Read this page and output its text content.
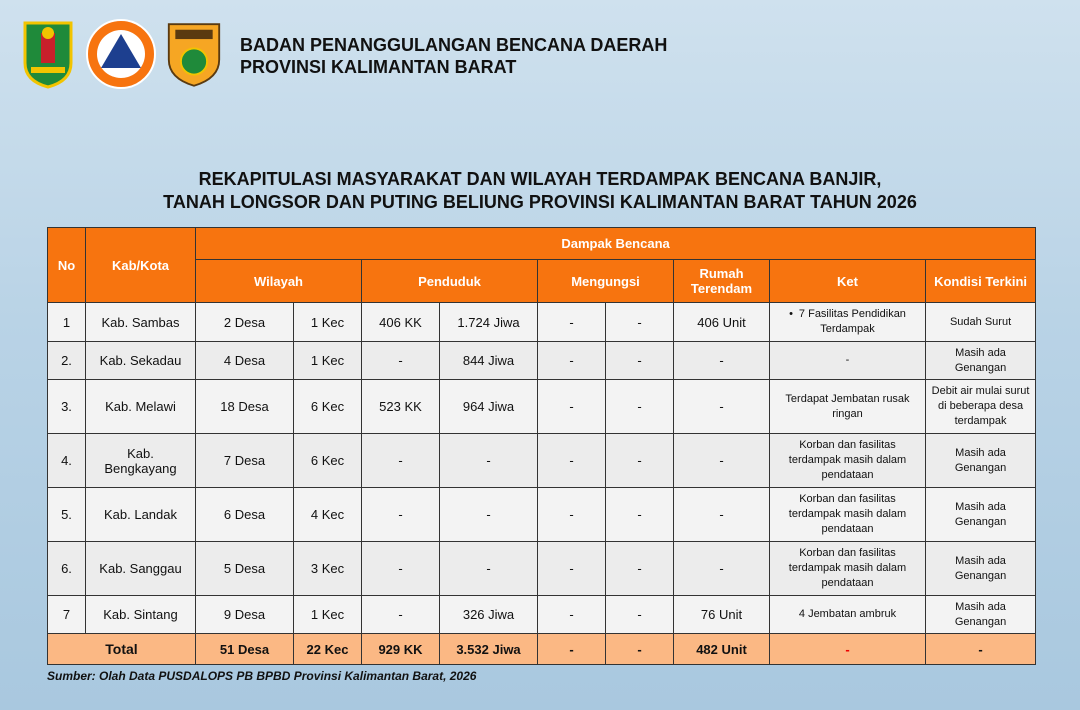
BADAN PENANGGULANGAN BENCANA DAERAH
PROVINSI KALIMANTAN BARAT
REKAPITULASI MASYARAKAT DAN WILAYAH TERDAMPAK BENCANA BANJIR,
TANAH LONGSOR DAN PUTING BELIUNG PROVINSI KALIMANTAN BARAT TAHUN 2026
No	Kab/Kota	Dampak Bencana								
		Wilayah		Penduduk		Mengungsi		Rumah Terendam	Ket	Kondisi Terkini
1	Kab. Sambas	2 Desa	1 Kec	406 KK	1.724 Jiwa	-	-	406 Unit	• 7 Fasilitas Pendidikan Terdampak	Sudah Surut
2.	Kab. Sekadau	4 Desa	1 Kec	-	844 Jiwa	-	-	-	-	Masih ada Genangan
3.	Kab. Melawi	18 Desa	6 Kec	523 KK	964 Jiwa	-	-	-	Terdapat Jembatan rusak ringan	Debit air mulai surut di beberapa desa terdampak
4.	Kab. Bengkayang	7 Desa	6 Kec	-	-	-	-	-	Korban dan fasilitas terdampak masih dalam pendataan	Masih ada Genangan
5.	Kab. Landak	6 Desa	4 Kec	-	-	-	-	-	Korban dan fasilitas terdampak masih dalam pendataan	Masih ada Genangan
6.	Kab. Sanggau	5 Desa	3 Kec	-	-	-	-	-	Korban dan fasilitas terdampak masih dalam pendataan	Masih ada Genangan
7	Kab. Sintang	9 Desa	1 Kec	-	326 Jiwa	-	-	76 Unit	4 Jembatan ambruk	Masih ada Genangan
Total		51 Desa	22 Kec	929 KK	3.532 Jiwa	-	-	482 Unit	-	-
Sumber: Olah Data PUSDALOPS PB BPBD Provinsi Kalimantan Barat, 2026
